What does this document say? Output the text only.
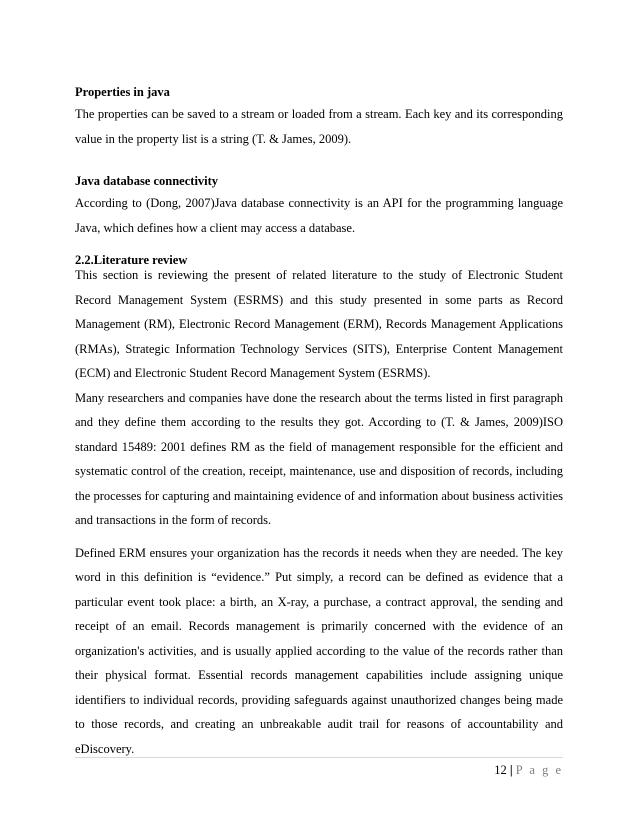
Properties in java

The properties can be saved to a stream or loaded from a stream. Each key and its corresponding value in the property list is a string (T. & James, 2009).

Java database connectivity

According to (Dong, 2007)Java database connectivity is an API for the programming language Java, which defines how a client may access a database.

2.2.Literature review

This section is reviewing the present of related literature to the study of Electronic Student Record Management System (ESRMS) and this study presented in some parts as Record Management (RM), Electronic Record Management (ERM), Records Management Applications (RMAs), Strategic Information Technology Services (SITS), Enterprise Content Management (ECM) and Electronic Student Record Management System (ESRMS).

Many researchers and companies have done the research about the terms listed in first paragraph and they define them according to the results they got. According to (T. & James, 2009)ISO standard 15489: 2001 defines RM as the field of management responsible for the efficient and systematic control of the creation, receipt, maintenance, use and disposition of records, including the processes for capturing and maintaining evidence of and information about business activities and transactions in the form of records.

Defined ERM ensures your organization has the records it needs when they are needed. The key word in this definition is “evidence.” Put simply, a record can be defined as evidence that a particular event took place: a birth, an X-ray, a purchase, a contract approval, the sending and receipt of an email. Records management is primarily concerned with the evidence of an organization's activities, and is usually applied according to the value of the records rather than their physical format. Essential records management capabilities include assigning unique identifiers to individual records, providing safeguards against unauthorized changes being made to those records, and creating an unbreakable audit trail for reasons of accountability and eDiscovery.

12 | P a g e
